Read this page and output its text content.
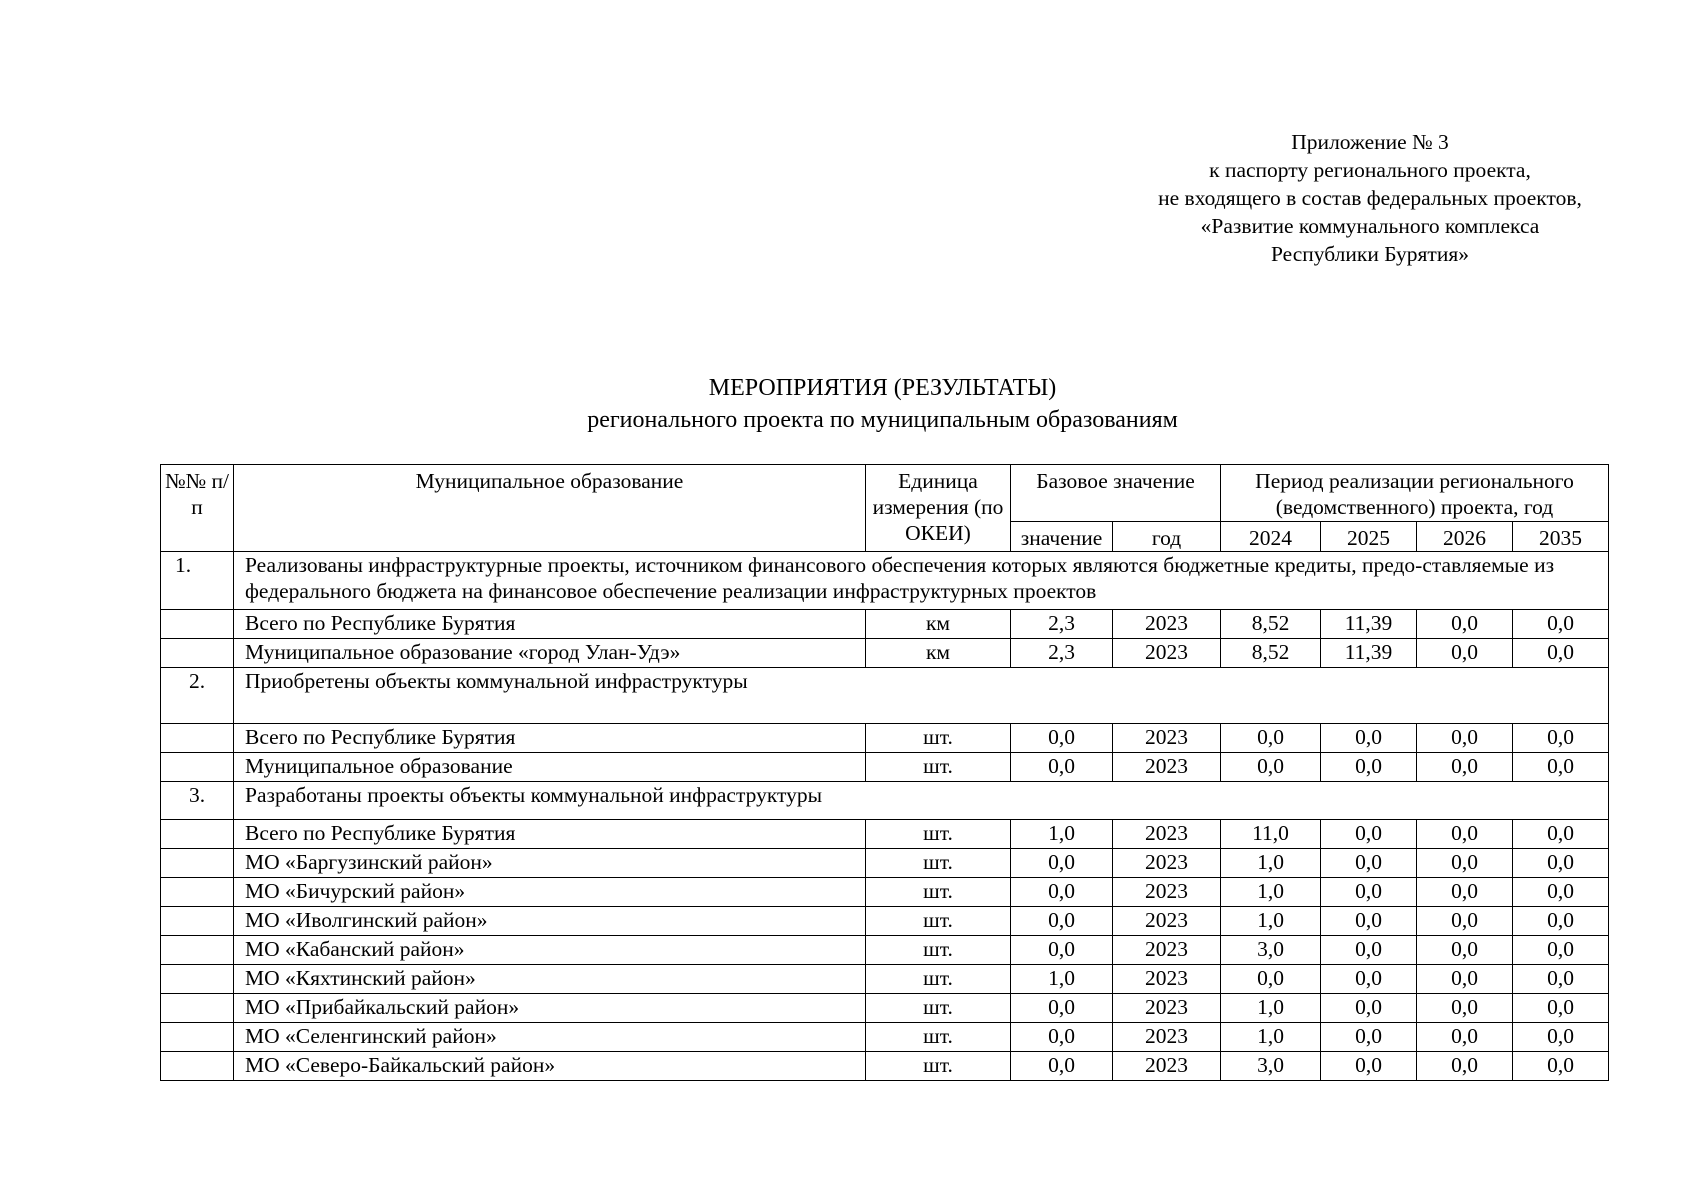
Приложение № 3
к паспорту регионального проекта,
не входящего в состав федеральных проектов,
«Развитие коммунального комплекса
Республики Бурятия»
МЕРОПРИЯТИЯ (РЕЗУЛЬТАТЫ)
регионального проекта по муниципальным образованиям
№№ п/п	Муниципальное образование	Единица измерения (по ОКЕИ)	Базовое значение		Период реализации регионального (ведомственного) проекта, год			
			значение	год	2024	2025	2026	2035
1.	Реализованы инфраструктурные проекты, источником финансового обеспечения которых являются бюджетные кредиты, предо-ставляемые из федерального бюджета на финансовое обеспечение реализации инфраструктурных проектов							
	Всего по Республике Бурятия	км	2,3	2023	8,52	11,39	0,0	0,0
	Муниципальное образование «город Улан-Удэ»	км	2,3	2023	8,52	11,39	0,0	0,0
2.	Приобретены объекты коммунальной инфраструктуры							
	Всего по Республике Бурятия	шт.	0,0	2023	0,0	0,0	0,0	0,0
	Муниципальное образование	шт.	0,0	2023	0,0	0,0	0,0	0,0
3.	Разработаны проекты объекты коммунальной инфраструктуры							
	Всего по Республике Бурятия	шт.	1,0	2023	11,0	0,0	0,0	0,0
	МО «Баргузинский район»	шт.	0,0	2023	1,0	0,0	0,0	0,0
	МО «Бичурский район»	шт.	0,0	2023	1,0	0,0	0,0	0,0
	МО «Иволгинский район»	шт.	0,0	2023	1,0	0,0	0,0	0,0
	МО «Кабанский район»	шт.	0,0	2023	3,0	0,0	0,0	0,0
	МО «Кяхтинский район»	шт.	1,0	2023	0,0	0,0	0,0	0,0
	МО «Прибайкальский район»	шт.	0,0	2023	1,0	0,0	0,0	0,0
	МО «Селенгинский район»	шт.	0,0	2023	1,0	0,0	0,0	0,0
	МО «Северо-Байкальский район»	шт.	0,0	2023	3,0	0,0	0,0	0,0
